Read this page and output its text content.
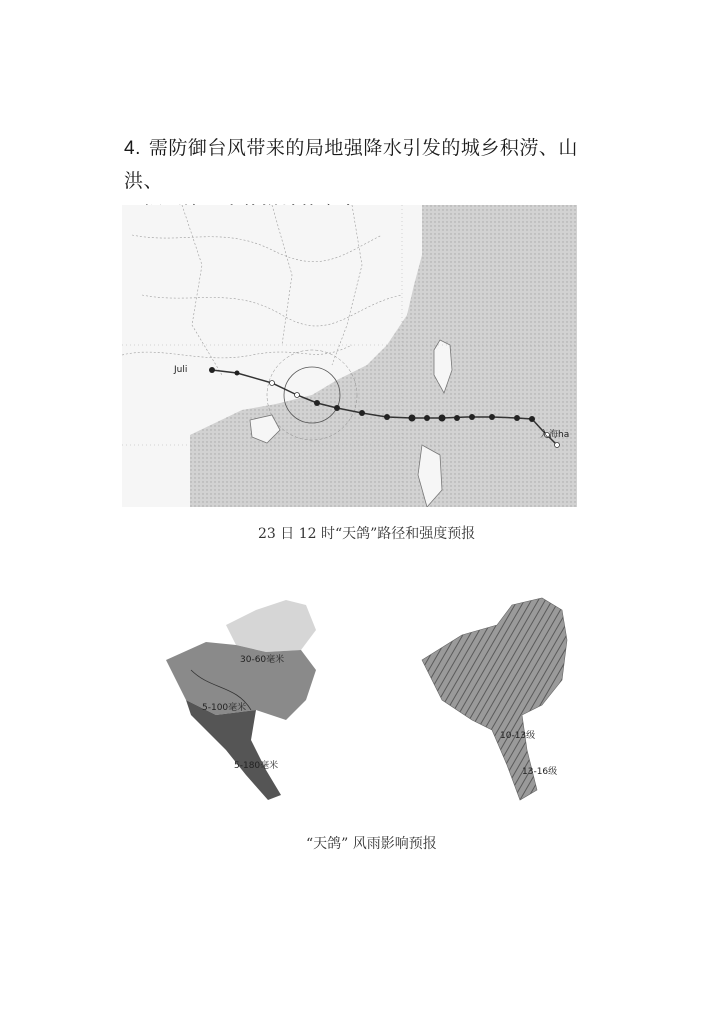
4. 需防御台风带来的局地强降水引发的城乡积涝、山洪、
Juli
入海ha
23 日 12 时“天鸽”路径和强度预报
30-60毫米
5-100毫米
5-180毫米
10-13级
13-16级
“天鸽” 风雨影响预报
